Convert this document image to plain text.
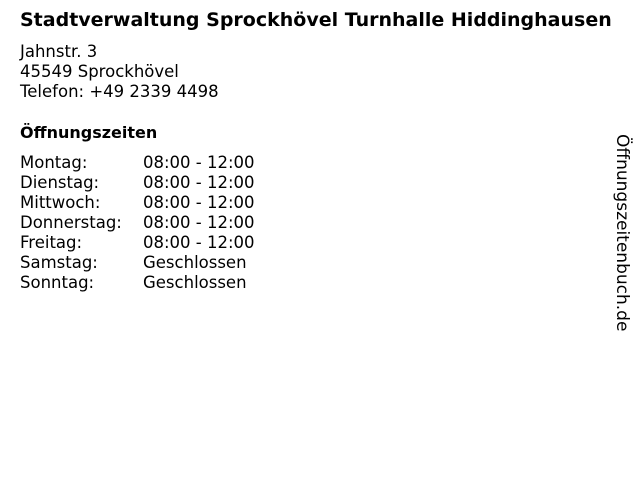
Stadtverwaltung Sprockhövel Turnhalle Hiddinghausen
Jahnstr. 3
45549 Sprockhövel
Telefon: +49 2339 4498
Öffnungszeiten
Montag:	08:00 - 12:00
Dienstag:	08:00 - 12:00
Mittwoch:	08:00 - 12:00
Donnerstag:	08:00 - 12:00
Freitag:	08:00 - 12:00
Samstag:	Geschlossen
Sonntag:	Geschlossen	Öffnungszeitenbuch.de
